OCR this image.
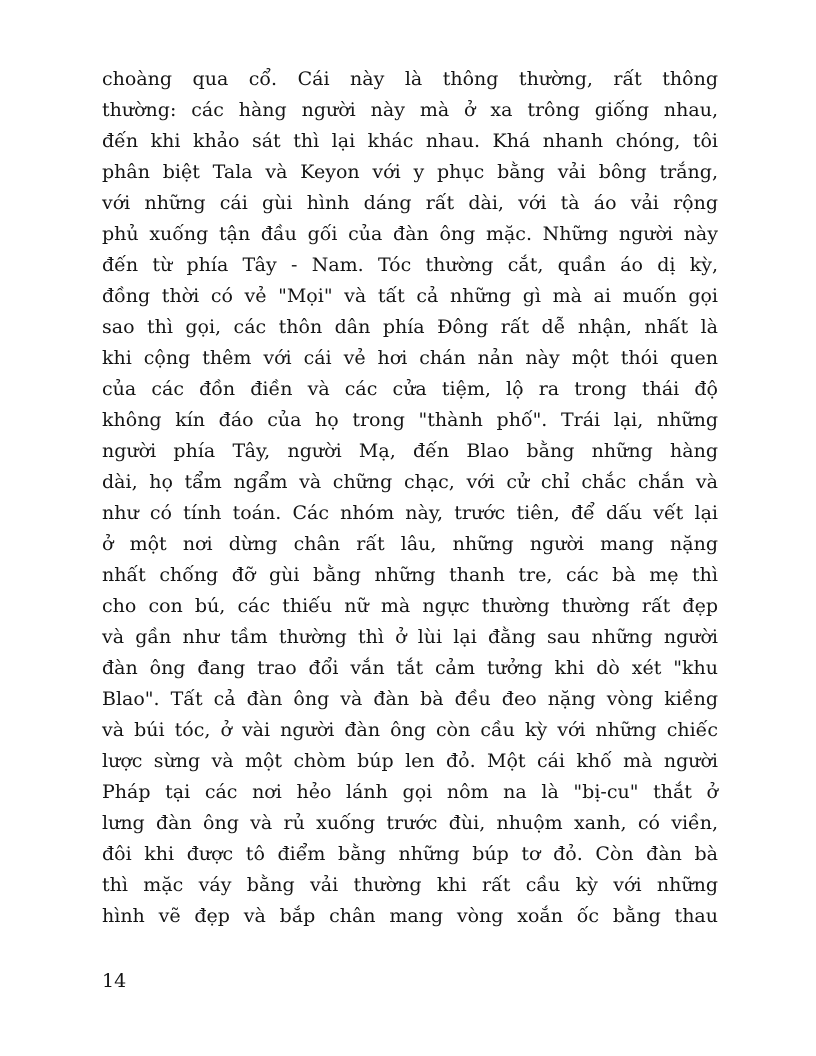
choàng qua cổ. Cái này là thông thường, rất thông
thường: các hàng người này mà ở xa trông giống nhau,
đến khi khảo sát thì lại khác nhau. Khá nhanh chóng, tôi
phân biệt Tala và Keyon với y phục bằng vải bông trắng,
với những cái gùi hình dáng rất dài, với tà áo vải rộng
phủ xuống tận đầu gối của đàn ông mặc. Những người này
đến từ phía Tây - Nam. Tóc thường cắt, quần áo dị kỳ,
đồng thời có vẻ "Mọi" và tất cả những gì mà ai muốn gọi
sao thì gọi, các thôn dân phía Đông rất dễ nhận, nhất là
khi cộng thêm với cái vẻ hơi chán nản này một thói quen
của các đồn điền và các cửa tiệm, lộ ra trong thái độ
không kín đáo của họ trong "thành phố". Trái lại, những
người phía Tây, người Mạ, đến Blao bằng những hàng
dài, họ tẩm ngẩm và chững chạc, với cử chỉ chắc chắn và
như có tính toán. Các nhóm này, trước tiên, để dấu vết lại
ở một nơi dừng chân rất lâu, những người mang nặng
nhất chống đỡ gùi bằng những thanh tre, các bà mẹ thì
cho con bú, các thiếu nữ mà ngực thường thường rất đẹp
và gần như tầm thường thì ở lùi lại đằng sau những người
đàn ông đang trao đổi vắn tắt cảm tưởng khi dò xét "khu
Blao". Tất cả đàn ông và đàn bà đều đeo nặng vòng kiềng
và búi tóc, ở vài người đàn ông còn cầu kỳ với những chiếc
lược sừng và một chòm búp len đỏ. Một cái khố mà người
Pháp tại các nơi hẻo lánh gọi nôm na là "bị-cu" thắt ở
lưng đàn ông và rủ xuống trước đùi, nhuộm xanh, có viền,
đôi khi được tô điểm bằng những búp tơ đỏ. Còn đàn bà
thì mặc váy bằng vải thường khi rất cầu kỳ với những
hình vẽ đẹp và bắp chân mang vòng xoắn ốc bằng thau
14
